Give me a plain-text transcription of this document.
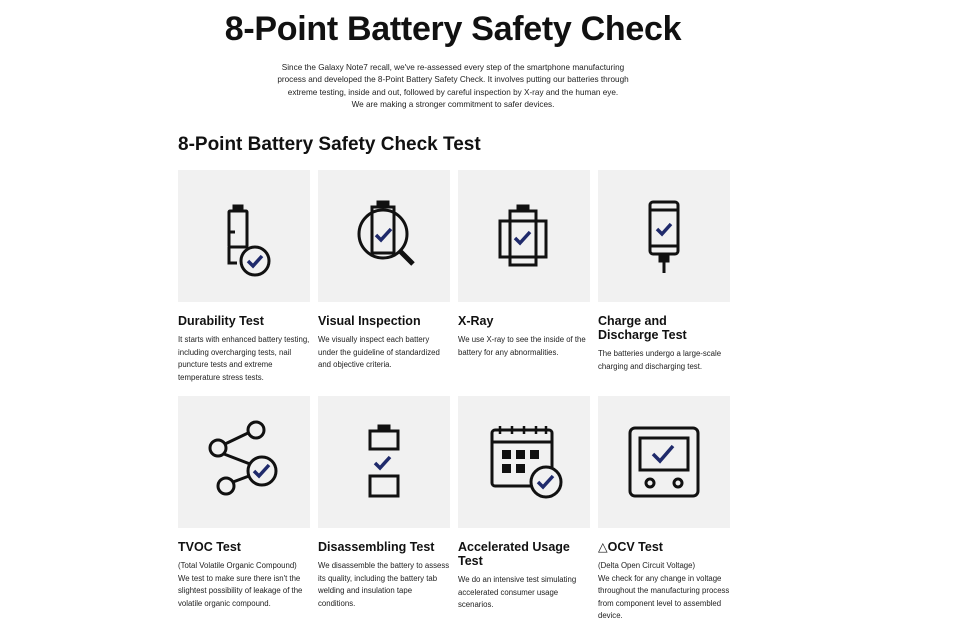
8-Point Battery Safety Check

Since the Galaxy Note7 recall, we've re-assessed every step of the smartphone manufacturing
process and developed the 8-Point Battery Safety Check. It involves putting our batteries through
extreme testing, inside and out, followed by careful inspection by X-ray and the human eye.
We are making a stronger commitment to safer devices.

8-Point Battery Safety Check Test
Durability Test

It starts with enhanced battery testing, including overcharging tests, nail puncture tests and extreme temperature stress tests.

Visual Inspection

We visually inspect each battery under the guideline of standardized and objective criteria.

X-Ray

We use X-ray to see the inside of the battery for any abnormalities.

Charge and Discharge Test

The batteries undergo a large-scale charging and discharging test.

TVOC Test

(Total Volatile Organic Compound)

We test to make sure there isn't the slightest possibility of leakage of the volatile organic compound.

Disassembling Test

We disassemble the battery to assess its quality, including the battery tab welding and insulation tape conditions.

Accelerated Usage Test

We do an intensive test simulating accelerated consumer usage scenarios.

△OCV Test

(Delta Open Circuit Voltage)

We check for any change in voltage throughout the manufacturing process from component level to assembled device.
